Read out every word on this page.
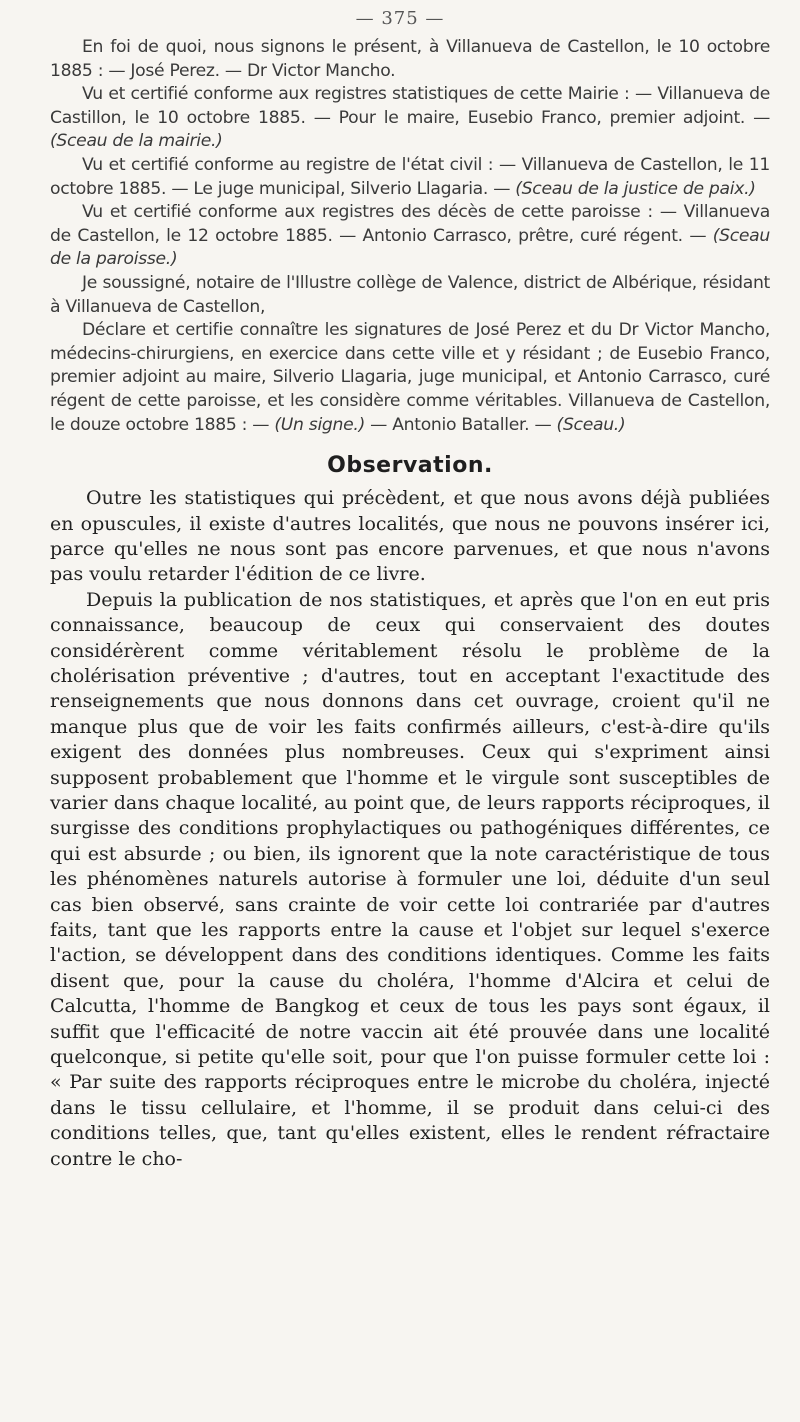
— 375 —

En foi de quoi, nous signons le présent, à Villanueva de Castellon, le 10 octobre 1885 : — José Perez. — Dr Victor Mancho.

Vu et certifié conforme aux registres statistiques de cette Mairie : — Villanueva de Castillon, le 10 octobre 1885. — Pour le maire, Eusebio Franco, premier adjoint. — (Sceau de la mairie.)

Vu et certifié conforme au registre de l'état civil : — Villanueva de Castellon, le 11 octobre 1885. — Le juge municipal, Silverio Llagaria. — (Sceau de la justice de paix.)

Vu et certifié conforme aux registres des décès de cette paroisse : — Villanueva de Castellon, le 12 octobre 1885. — Antonio Carrasco, prêtre, curé régent. — (Sceau de la paroisse.)

Je soussigné, notaire de l'Illustre collège de Valence, district de Albérique, résidant à Villanueva de Castellon,

Déclare et certifie connaître les signatures de José Perez et du Dr Victor Mancho, médecins-chirurgiens, en exercice dans cette ville et y résidant ; de Eusebio Franco, premier adjoint au maire, Silverio Llagaria, juge municipal, et Antonio Carrasco, curé régent de cette paroisse, et les considère comme véritables. Villanueva de Castellon, le douze octobre 1885 : — (Un signe.) — Antonio Bataller. — (Sceau.)

Observation.

Outre les statistiques qui précèdent, et que nous avons déjà publiées en opuscules, il existe d'autres localités, que nous ne pouvons insérer ici, parce qu'elles ne nous sont pas encore parvenues, et que nous n'avons pas voulu retarder l'édition de ce livre.

Depuis la publication de nos statistiques, et après que l'on en eut pris connaissance, beaucoup de ceux qui conservaient des doutes considérèrent comme véritablement résolu le problème de la cholérisation préventive ; d'autres, tout en acceptant l'exactitude des renseignements que nous donnons dans cet ouvrage, croient qu'il ne manque plus que de voir les faits confirmés ailleurs, c'est-à-dire qu'ils exigent des données plus nombreuses. Ceux qui s'expriment ainsi supposent probablement que l'homme et le virgule sont susceptibles de varier dans chaque localité, au point que, de leurs rapports réciproques, il surgisse des conditions prophylactiques ou pathogéniques différentes, ce qui est absurde ; ou bien, ils ignorent que la note caractéristique de tous les phénomènes naturels autorise à formuler une loi, déduite d'un seul cas bien observé, sans crainte de voir cette loi contrariée par d'autres faits, tant que les rapports entre la cause et l'objet sur lequel s'exerce l'action, se développent dans des conditions identiques. Comme les faits disent que, pour la cause du choléra, l'homme d'Alcira et celui de Calcutta, l'homme de Bangkog et ceux de tous les pays sont égaux, il suffit que l'efficacité de notre vaccin ait été prouvée dans une localité quelconque, si petite qu'elle soit, pour que l'on puisse formuler cette loi : « Par suite des rapports réciproques entre le microbe du choléra, injecté dans le tissu cellulaire, et l'homme, il se produit dans celui-ci des conditions telles, que, tant qu'elles existent, elles le rendent réfractaire contre le cho-
